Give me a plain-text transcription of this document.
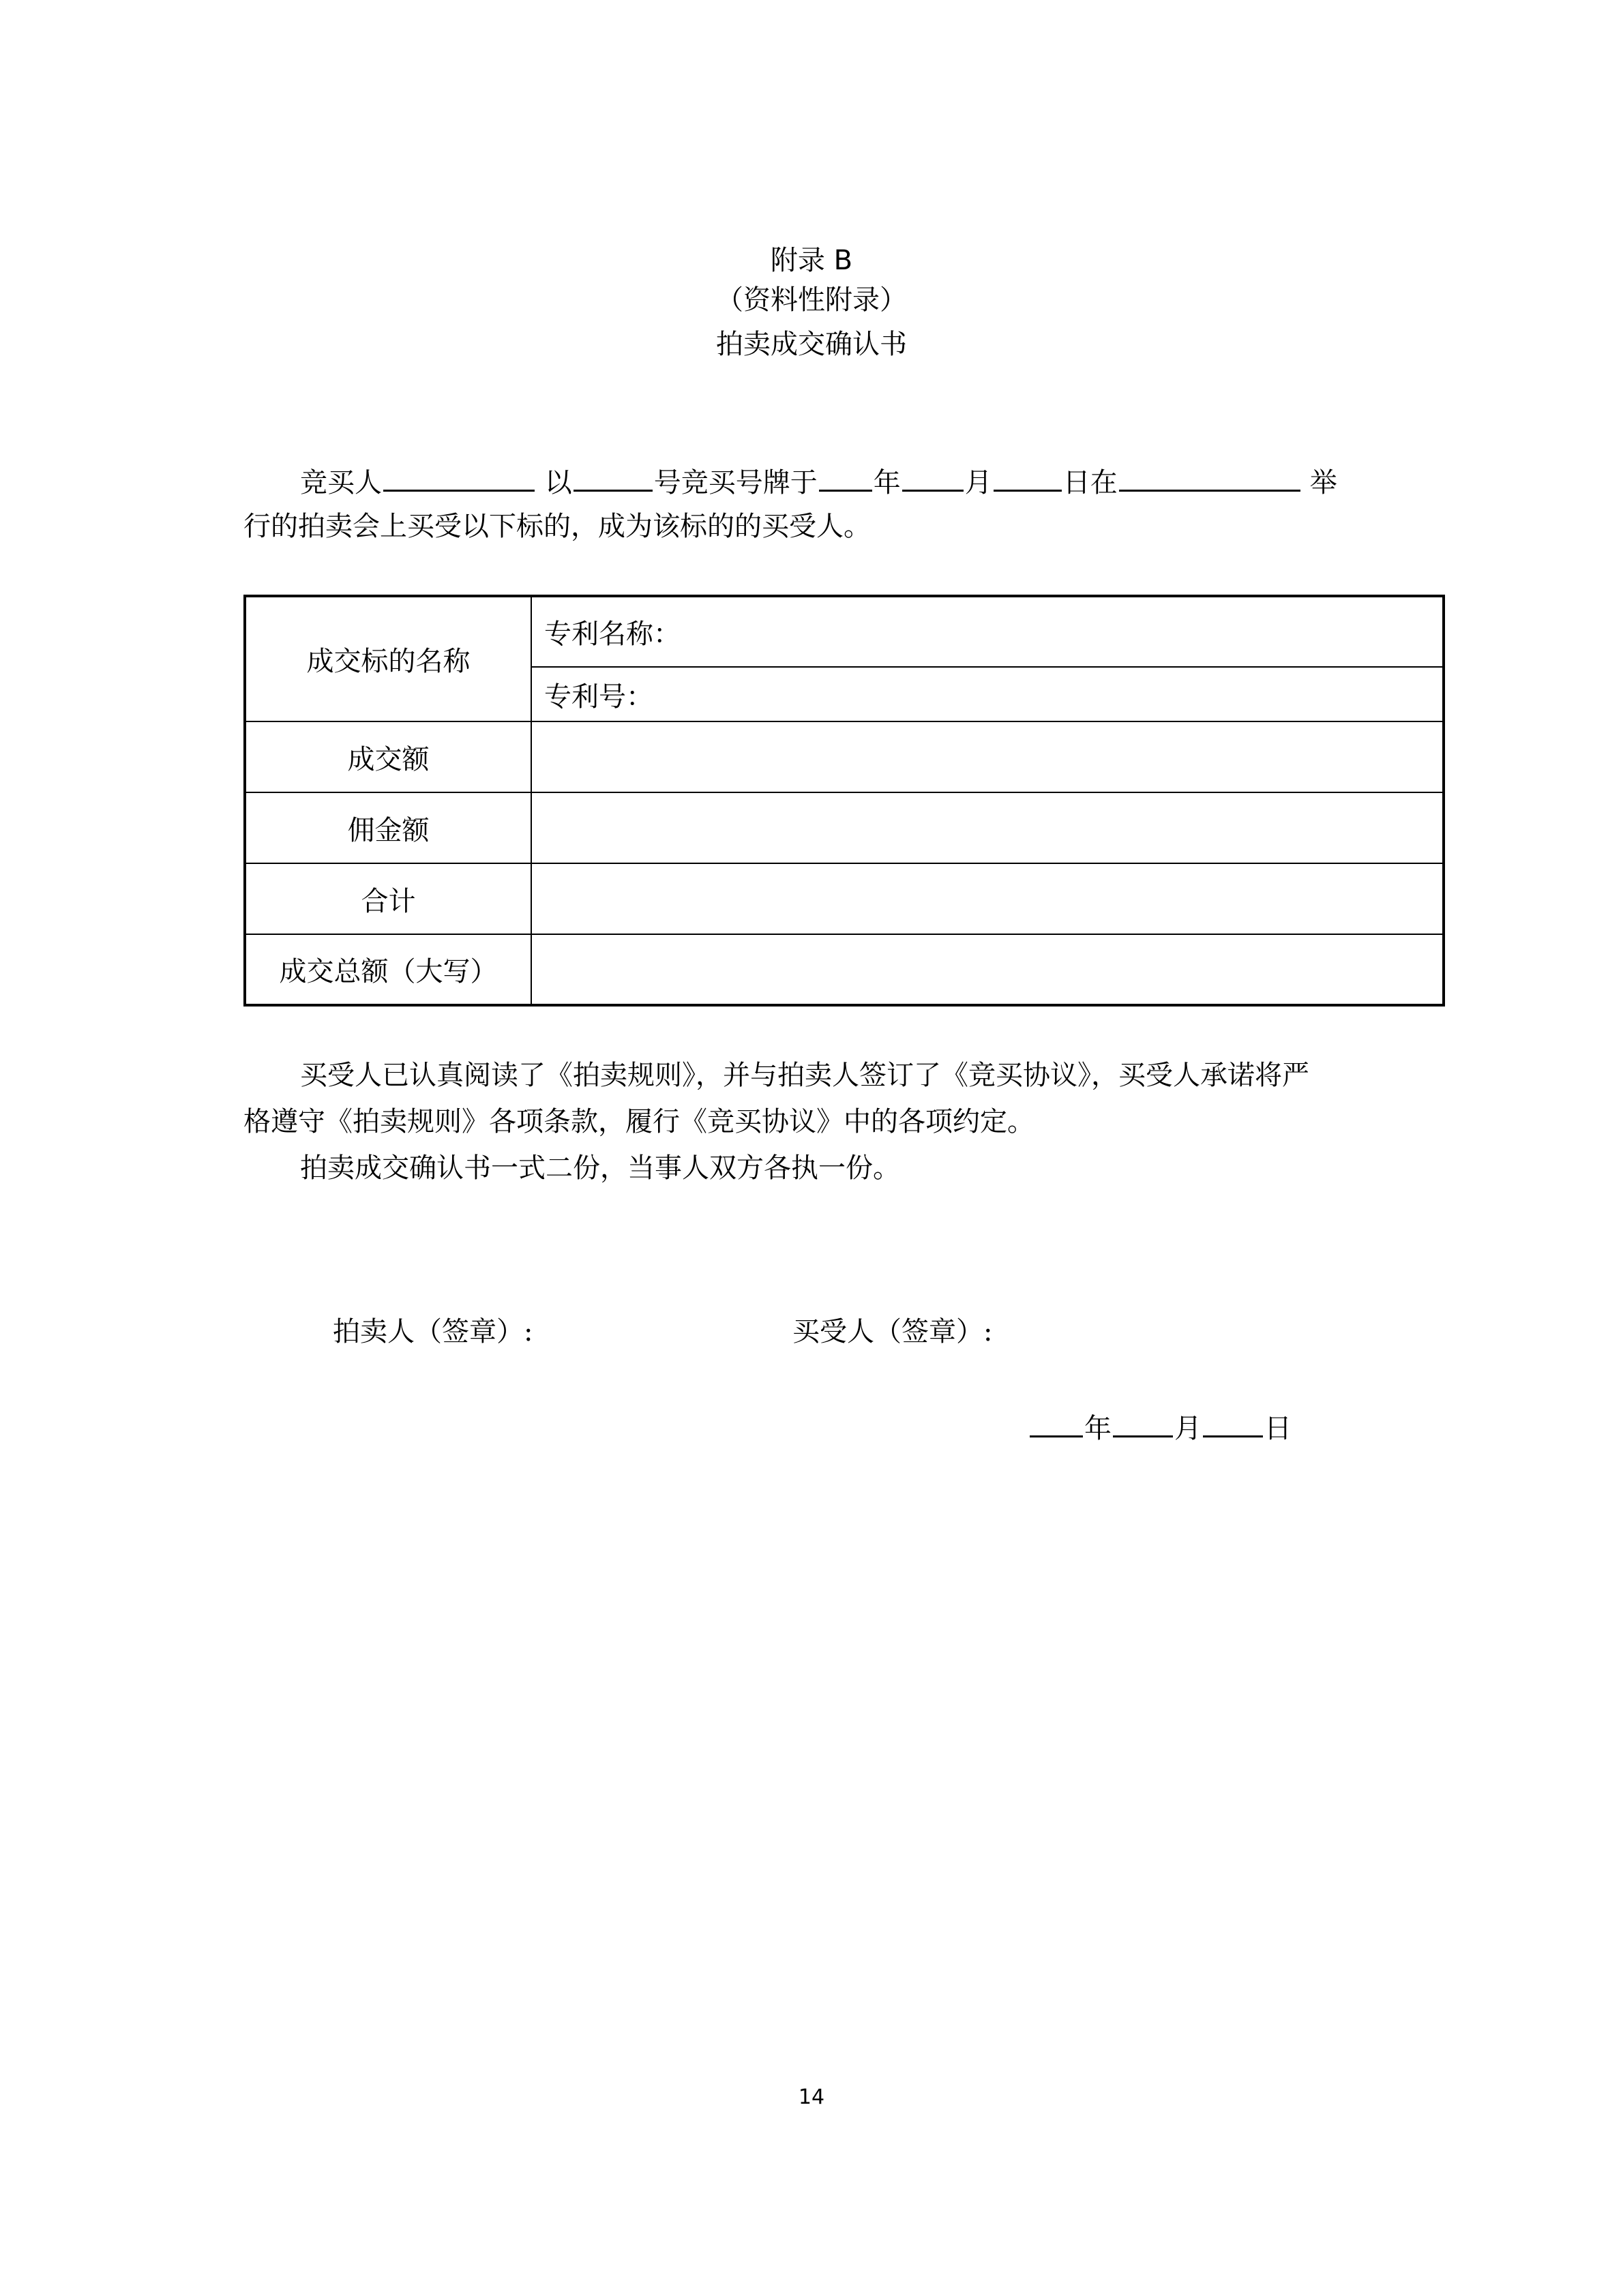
附录 B
（资料性附录）
拍卖成交确认书
竞买人	以	号竞买号牌于 年 月	日在	举
行的拍卖会上买受以下标的，成为该标的的买受人。
成交标的名称	专利名称：
	专利号：
成交额	
佣金额	
合计	
成交总额（大写）	
买受人已认真阅读了《拍卖规则》，并与拍卖人签订了《竞买协议》，买受人承诺将严
格遵守《拍卖规则》各项条款，履行《竞买协议》中的各项约定。
拍卖成交确认书一式二份，当事人双方各执一份。
拍卖人（签章）:	买受人（签章）:
年 月 日
14
